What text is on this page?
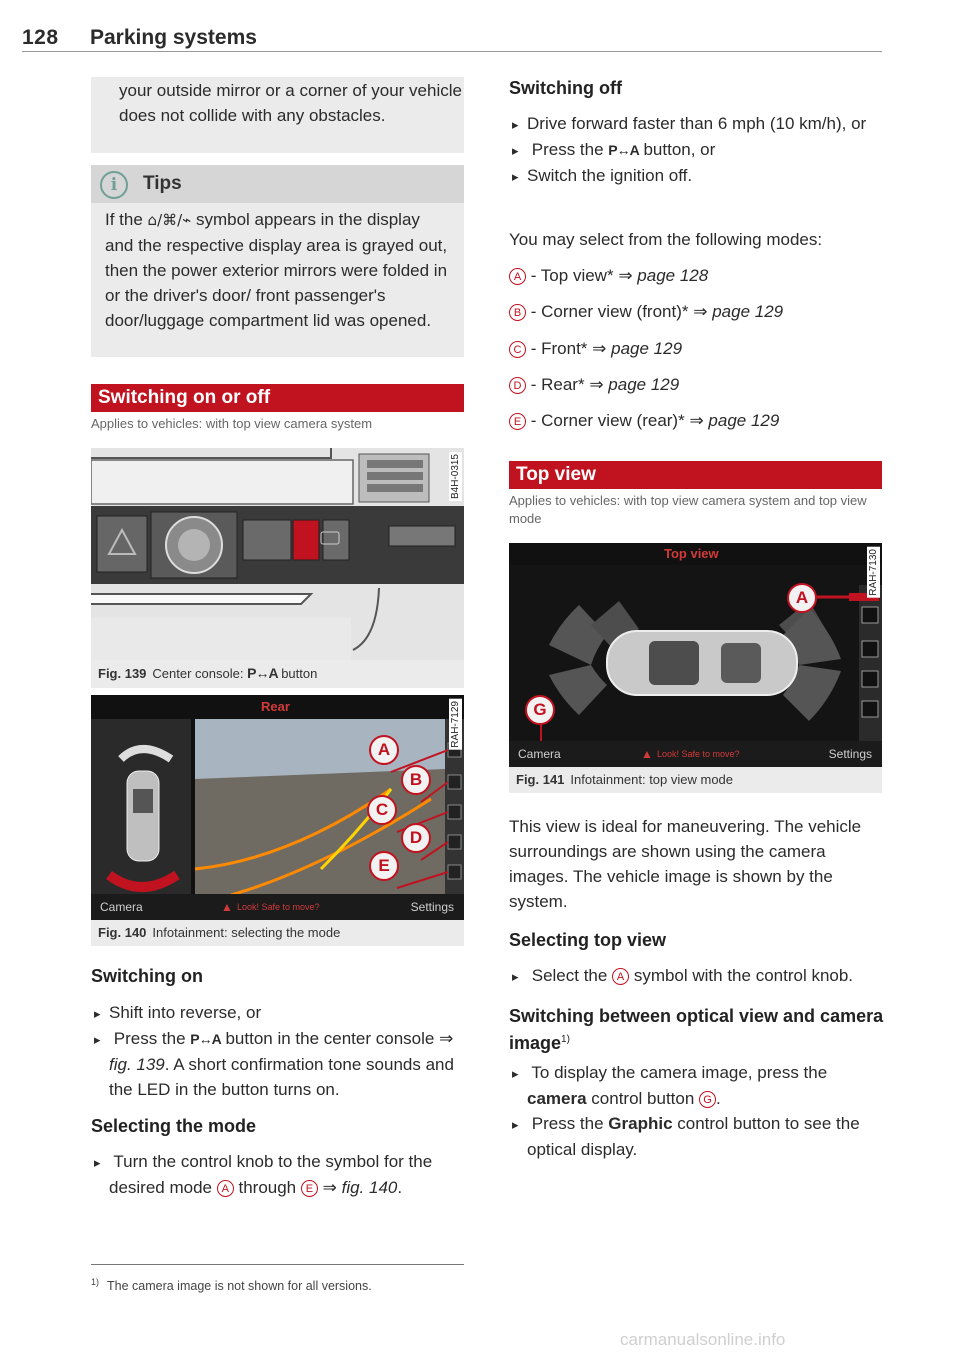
128 Parking systems
your outside mirror or a corner of your vehicle does not collide with any obstacles.
i	Tips
If the ⌂/⌘/⌁ symbol appears in the display and the respective display area is grayed out, then the power exterior mirrors were folded in or the driver's door/ front passenger's door/luggage compartment lid was opened.
Switching on or off
Applies to vehicles: with top view camera system
B4H-0315
Fig. 139 Center console: P↔A button
Rear
A
B
C
D
E
Camera	▲ Look! Safe to move?	Settings
RAH-7129
Fig. 140 Infotainment: selecting the mode
Switching on
▸ Shift into reverse, or
▸ Press the P↔A button in the center console ⇒ fig. 139. A short confirmation tone sounds and the LED in the button turns on.
Selecting the mode
▸ Turn the control knob to the symbol for the desired mode A through E ⇒ fig. 140.
$^{1)}$ The camera image is not shown for all versions.
Switching off
▸ Drive forward faster than 6 mph (10 km/h), or
▸ Press the P↔A button, or
▸ Switch the ignition off.
You may select from the following modes:
A - Top view* ⇒ page 128
B - Corner view (front)* ⇒ page 129
C - Front* ⇒ page 129
D - Rear* ⇒ page 129
E - Corner view (rear)* ⇒ page 129
Top view
Applies to vehicles: with top view camera system and top view mode
Top view
A
G
Camera	▲ Look! Safe to move?	Settings
RAH-7130
Fig. 141 Infotainment: top view mode
This view is ideal for maneuvering. The vehicle surroundings are shown using the camera images. The vehicle image is shown by the system.
Selecting top view
▸ Select the A symbol with the control knob.
Switching between optical view and camera image$^{1)}$
▸ To display the camera image, press the camera control button G .
▸ Press the Graphic control button to see the optical display.
carmanualsonline.info
